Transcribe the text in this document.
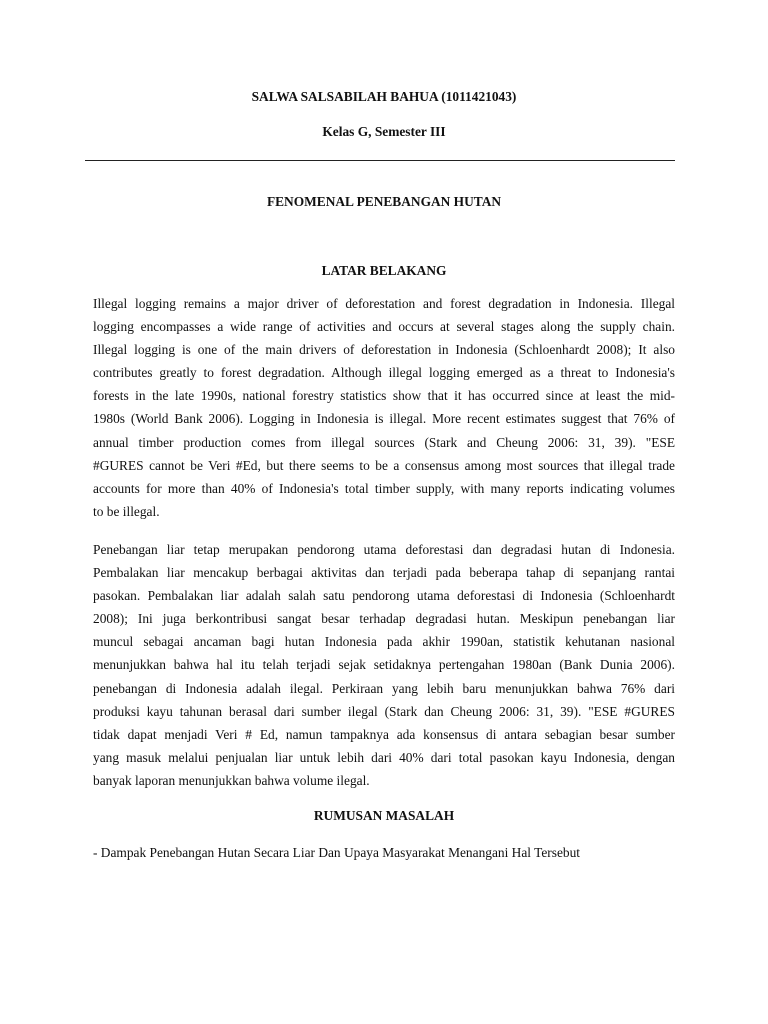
SALWA SALSABILAH BAHUA (1011421043)
Kelas G, Semester III
FENOMENAL PENEBANGAN HUTAN
LATAR BELAKANG
Illegal logging remains a major driver of deforestation and forest degradation in Indonesia. Illegal
logging encompasses a wide range of activities and occurs at several stages along the supply chain.
Illegal logging is one of the main drivers of deforestation in Indonesia (Schloenhardt 2008); It also
contributes greatly to forest degradation. Although illegal logging emerged as a threat to Indonesia's
forests in the late 1990s, national forestry statistics show that it has occurred since at least the mid-
1980s (World Bank 2006). Logging in Indonesia is illegal. More recent estimates suggest that 76% of
annual timber production comes from illegal sources (Stark and Cheung 2006: 31, 39). "ESE
#GURES cannot be Veri #Ed, but there seems to be a consensus among most sources that illegal trade
accounts for more than 40% of Indonesia's total timber supply, with many reports indicating volumes
to be illegal.
Penebangan liar tetap merupakan pendorong utama deforestasi dan degradasi hutan di Indonesia.
Pembalakan liar mencakup berbagai aktivitas dan terjadi pada beberapa tahap di sepanjang rantai
pasokan. Pembalakan liar adalah salah satu pendorong utama deforestasi di Indonesia (Schloenhardt
2008); Ini juga berkontribusi sangat besar terhadap degradasi hutan. Meskipun penebangan liar
muncul sebagai ancaman bagi hutan Indonesia pada akhir 1990an, statistik kehutanan nasional
menunjukkan bahwa hal itu telah terjadi sejak setidaknya pertengahan 1980an (Bank Dunia 2006).
penebangan di Indonesia adalah ilegal. Perkiraan yang lebih baru menunjukkan bahwa 76% dari
produksi kayu tahunan berasal dari sumber ilegal (Stark dan Cheung 2006: 31, 39). "ESE #GURES
tidak dapat menjadi Veri # Ed, namun tampaknya ada konsensus di antara sebagian besar sumber
yang masuk melalui penjualan liar untuk lebih dari 40% dari total pasokan kayu Indonesia, dengan
banyak laporan menunjukkan bahwa volume ilegal.
RUMUSAN MASALAH
- Dampak Penebangan Hutan Secara Liar Dan Upaya Masyarakat Menangani Hal Tersebut
